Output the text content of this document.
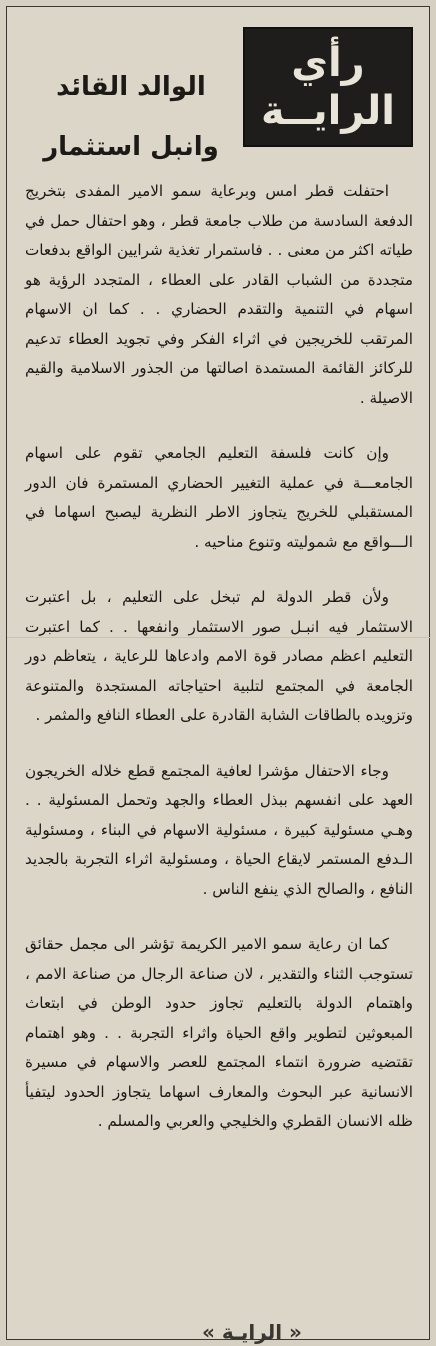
رأي
الرايــة
الوالد القائد
وانبل استثمار

احتفلت قطر امس وبرعاية سمو الامير المفدى بتخريج الدفعة السادسة من طلاب جامعة قطر ، وهو احتفال حمل في طياته اكثر من معنى . . فاستمرار تغذية شرايين الواقع بدفعات متجددة من الشباب القادر على العطاء ، المتجدد الرؤية هو اسهام في التنمية والتقدم الحضاري . . كما ان الاسهام المرتقب للخريجين في اثراء الفكر وفي تجويد العطاء تدعيم للركائز القائمة المستمدة اصالتها من الجذور الاسلامية والقيم الاصيلة .

وإن كانت فلسفة التعليم الجامعي تقوم على اسهام الجامعـــة في عملية التغيير الحضاري المستمرة فان الدور المستقبلي للخريج يتجاوز الاطر النظرية ليصبح اسهاما في الـــواقع مع شموليته وتنوع مناحيه .

ولأن قطر الدولة لم تبخل على التعليم ، بل اعتبرت الاستثمار فيه انبـل صور الاستثمار وانفعها . . كما اعتبرت التعليم اعظم مصادر قوة الامم وادعاها للرعاية ، يتعاظم دور الجامعة في المجتمع لتلبية احتياجاته المستجدة والمتنوعة وتزويده بالطاقات الشابة القادرة على العطاء النافع والمثمر .

وجاء الاحتفال مؤشرا لعافية المجتمع قطع خلاله الخريجون العهد على انفسهم ببذل العطاء والجهد وتحمل المسئولية . . وهـي مسئولية كبيرة ، مسئولية الاسهام في البناء ، ومسئولية الـدفع المستمر لايقاع الحياة ، ومسئولية اثراء التجربة بالجديد النافع ، والصالح الذي ينفع الناس .

كما ان رعاية سمو الامير الكريمة تؤشر الى مجمل حقائق تستوجب الثناء والتقدير ، لان صناعة الرجال من صناعة الامم ، واهتمام الدولة بالتعليم تجاوز حدود الوطن في ابتعاث المبعوثين لتطوير واقع الحياة واثراء التجربة . . وهو اهتمام تقتضيه ضرورة انتماء المجتمع للعصر والاسهام في مسيرة الانسانية عبر البحوث والمعارف اسهاما يتجاوز الحدود ليتفيأ ظله الانسان القطري والخليجي والعربي والمسلم .

« الرايـة »
